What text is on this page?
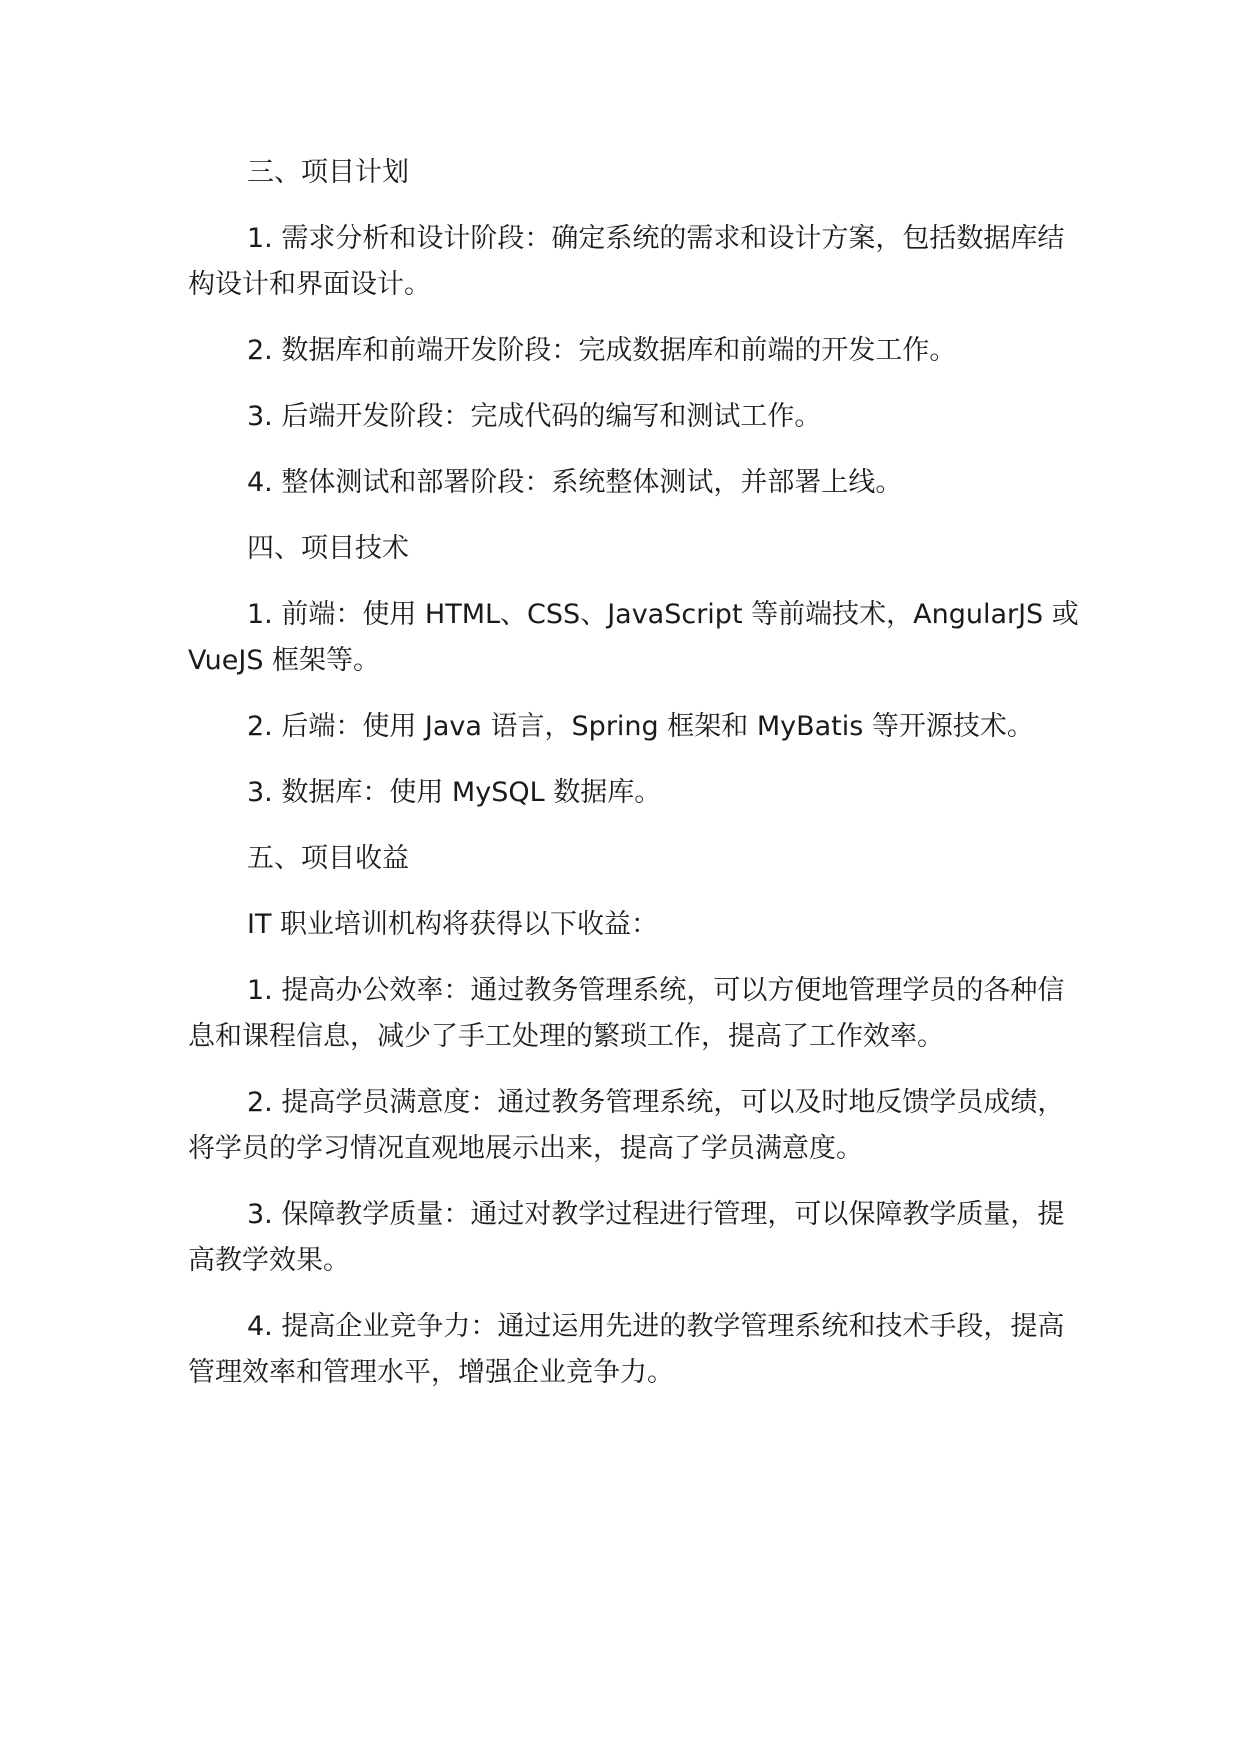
三、项目计划

1. 需求分析和设计阶段：确定系统的需求和设计方案，包括数据库结构设计和界面设计。

2. 数据库和前端开发阶段：完成数据库和前端的开发工作。

3. 后端开发阶段：完成代码的编写和测试工作。

4. 整体测试和部署阶段：系统整体测试，并部署上线。

四、项目技术

1. 前端：使用 HTML、CSS、JavaScript 等前端技术，AngularJS 或 VueJS 框架等。

2. 后端：使用 Java 语言，Spring 框架和 MyBatis 等开源技术。

3. 数据库：使用 MySQL 数据库。

五、项目收益

IT 职业培训机构将获得以下收益：

1. 提高办公效率：通过教务管理系统，可以方便地管理学员的各种信息和课程信息，减少了手工处理的繁琐工作，提高了工作效率。

2. 提高学员满意度：通过教务管理系统，可以及时地反馈学员成绩，将学员的学习情况直观地展示出来，提高了学员满意度。

3. 保障教学质量：通过对教学过程进行管理，可以保障教学质量，提高教学效果。

4. 提高企业竞争力：通过运用先进的教学管理系统和技术手段，提高管理效率和管理水平，增强企业竞争力。
